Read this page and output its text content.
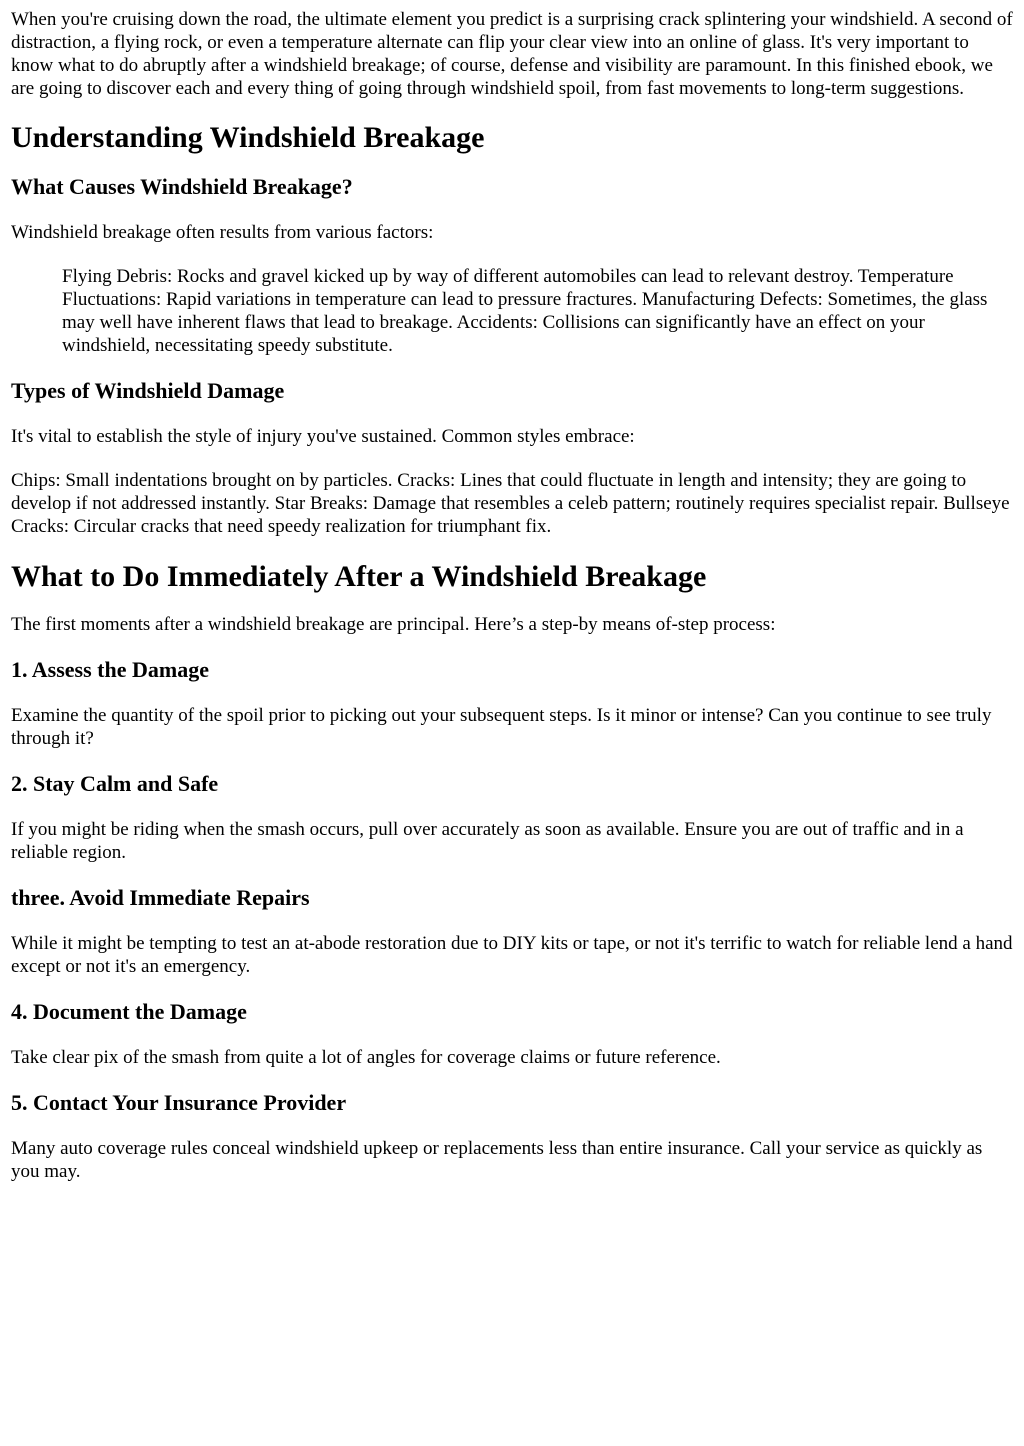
When you're cruising down the road, the ultimate element you predict is a surprising crack splintering your windshield. A second of distraction, a flying rock, or even a temperature alternate can flip your clear view into an online of glass. It's very important to know what to do abruptly after a windshield breakage; of course, defense and visibility are paramount. In this finished ebook, we are going to discover each and every thing of going through windshield spoil, from fast movements to long-term suggestions.

Understanding Windshield Breakage
What Causes Windshield Breakage?

Windshield breakage often results from various factors:

Flying Debris: Rocks and gravel kicked up by way of different automobiles can lead to relevant destroy. Temperature Fluctuations: Rapid variations in temperature can lead to pressure fractures. Manufacturing Defects: Sometimes, the glass may well have inherent flaws that lead to breakage. Accidents: Collisions can significantly have an effect on your windshield, necessitating speedy substitute.
Types of Windshield Damage

It's vital to establish the style of injury you've sustained. Common styles embrace:

Chips: Small indentations brought on by particles. Cracks: Lines that could fluctuate in length and intensity; they are going to develop if not addressed instantly. Star Breaks: Damage that resembles a celeb pattern; routinely requires specialist repair. Bullseye Cracks: Circular cracks that need speedy realization for triumphant fix.

What to Do Immediately After a Windshield Breakage

The first moments after a windshield breakage are principal. Here’s a step-by means of-step process:

1. Assess the Damage

Examine the quantity of the spoil prior to picking out your subsequent steps. Is it minor or intense? Can you continue to see truly through it?

2. Stay Calm and Safe

If you might be riding when the smash occurs, pull over accurately as soon as available. Ensure you are out of traffic and in a reliable region.

three. Avoid Immediate Repairs

While it might be tempting to test an at-abode restoration due to DIY kits or tape, or not it's terrific to watch for reliable lend a hand except or not it's an emergency.

4. Document the Damage

Take clear pix of the smash from quite a lot of angles for coverage claims or future reference.

5. Contact Your Insurance Provider

Many auto coverage rules conceal windshield upkeep or replacements less than entire insurance. Call your service as quickly as you may.
